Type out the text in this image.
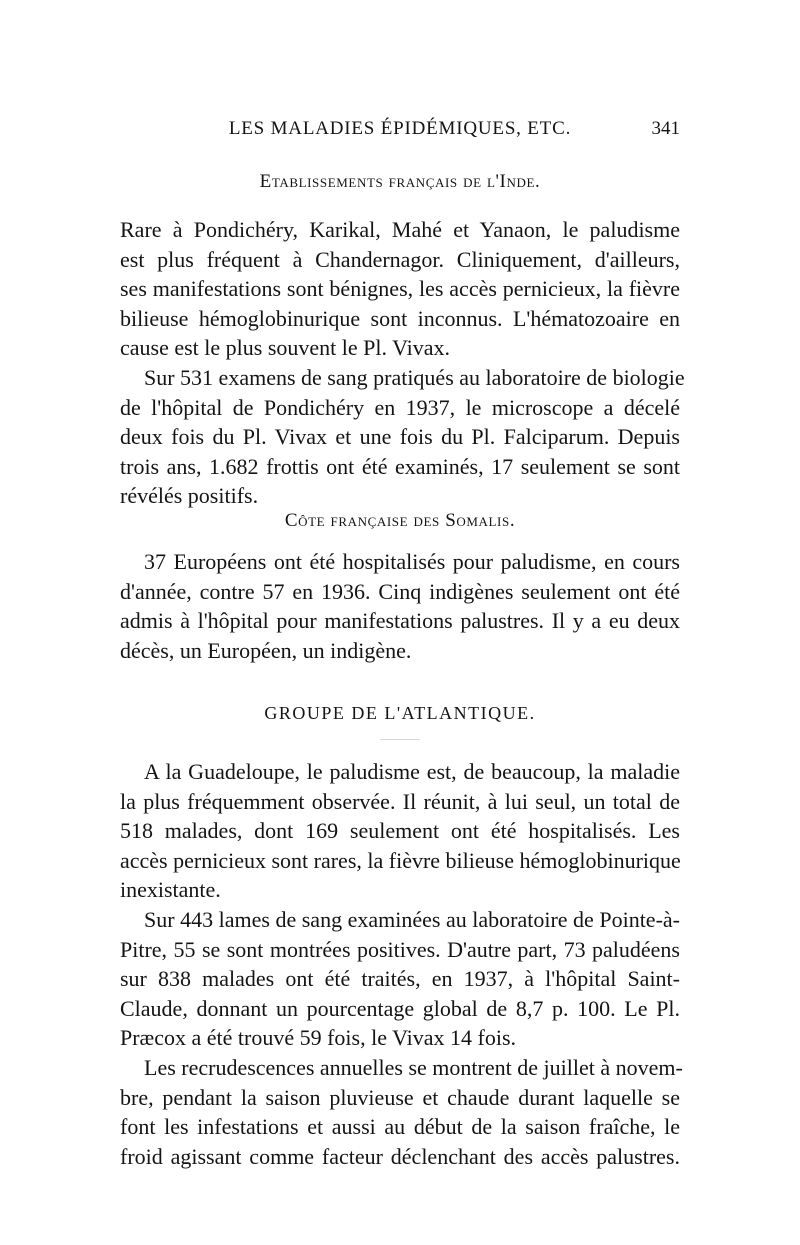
LES MALADIES ÉPIDÉMIQUES, ETC.	341
Etablissements français de l'Inde.
Rare à Pondichéry, Karikal, Mahé et Yanaon, le paludisme
est plus fréquent à Chandernagor. Cliniquement, d'ailleurs,
ses manifestations sont bénignes, les accès pernicieux, la fièvre
bilieuse hémoglobinurique sont inconnus. L'hématozoaire en
cause est le plus souvent le Pl. Vivax.
Sur 531 examens de sang pratiqués au laboratoire de biologie
de l'hôpital de Pondichéry en 1937, le microscope a décelé
deux fois du Pl. Vivax et une fois du Pl. Falciparum. Depuis
trois ans, 1.682 frottis ont été examinés, 17 seulement se sont
révélés positifs.
Côte française des Somalis.
37 Européens ont été hospitalisés pour paludisme, en cours
d'année, contre 57 en 1936. Cinq indigènes seulement ont été
admis à l'hôpital pour manifestations palustres. Il y a eu deux
décès, un Européen, un indigène.
GROUPE DE L'ATLANTIQUE.
A la Guadeloupe, le paludisme est, de beaucoup, la maladie
la plus fréquemment observée. Il réunit, à lui seul, un total de
518 malades, dont 169 seulement ont été hospitalisés. Les
accès pernicieux sont rares, la fièvre bilieuse hémoglobinurique
inexistante.
Sur 443 lames de sang examinées au laboratoire de Pointe-à-
Pitre, 55 se sont montrées positives. D'autre part, 73 paludéens
sur 838 malades ont été traités, en 1937, à l'hôpital Saint-
Claude, donnant un pourcentage global de 8,7 p. 100. Le Pl.
Præcox a été trouvé 59 fois, le Vivax 14 fois.
Les recrudescences annuelles se montrent de juillet à novem-
bre, pendant la saison pluvieuse et chaude durant laquelle se
font les infestations et aussi au début de la saison fraîche, le
froid agissant comme facteur déclenchant des accès palustres.
